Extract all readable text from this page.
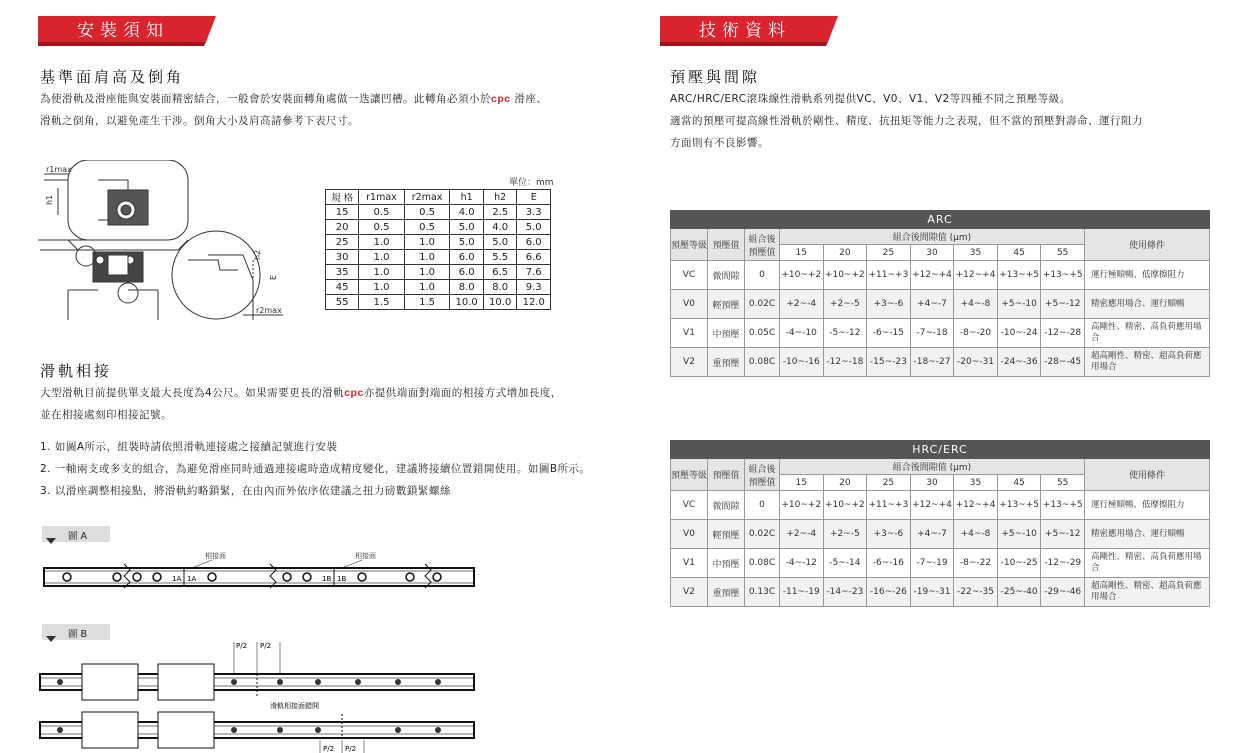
安裝須知
基準面肩高及倒角
為使滑軌及滑座能與安裝面精密結合，一般會於安裝面轉角處做一迭讓凹槽。此轉角必須小於cpc 滑座、
滑軌之倒角，以避免產生干涉。倒角大小及肩高請參考下表尺寸。
r1max
h1
h2
E
r2max
單位：mm
規 格	r1max	r2max	h1	h2	E
15	0.5	0.5	4.0	2.5	3.3
20	0.5	0.5	5.0	4.0	5.0
25	1.0	1.0	5.0	5.0	6.0
30	1.0	1.0	6.0	5.5	6.6
35	1.0	1.0	6.0	6.5	7.6
45	1.0	1.0	8.0	8.0	9.3
55	1.5	1.5	10.0	10.0	12.0
滑軌相接
大型滑軌目前提供單支最大長度為4公尺。如果需要更長的滑軌cpc亦提供端面對端面的相接方式增加長度，
並在相接處刻印相接記號。
1. 如圖A所示，組裝時請依照滑軌連接處之接續記號進行安裝
2. 一軸兩支或多支的組合，為避免滑座同時通過連接處時造成精度變化，建議將接續位置錯開使用。如圖B所示。
3. 以滑座調整相接點，將滑軌約略鎖緊，在由內而外依序依建議之扭力磅數鎖緊螺絲
圖 A
相接面	相接面
1A 1A	1B 1B
圖 B
P/2 P/2
滑軌相接面錯開
P/2 P/2
技術資料
預壓與間隙
ARC/HRC/ERC滾珠線性滑軌系列提供VC、V0、V1、V2等四種不同之預壓等級。
適當的預壓可提高線性滑軌於剛性、精度、抗扭矩等能力之表現，但不當的預壓對壽命、運行阻力
方面則有不良影響。
ARC										
預壓等級	預壓值	組合後預壓值	組合後間隙值 (μm)							使用條件
			15	20	25	30	35	45	55	
VC	微間隙	0	+10~+2	+10~+2	+11~+3	+12~+4	+12~+4	+13~+5	+13~+5	運行極順暢、低摩擦阻力
V0	輕預壓	0.02C	+2~-4	+2~-5	+3~-6	+4~-7	+4~-8	+5~-10	+5~-12	精密應用場合、運行順暢
V1	中預壓	0.05C	-4~-10	-5~-12	-6~-15	-7~-18	-8~-20	-10~-24	-12~-28	高剛性、精密、高負荷應用場合
V2	重預壓	0.08C	-10~-16	-12~-18	-15~-23	-18~-27	-20~-31	-24~-36	-28~-45	超高剛性、精密、超高負荷應用場合
HRC/ERC										
預壓等級	預壓值	組合後預壓值	組合後間隙值 (μm)							使用條件
			15	20	25	30	35	45	55	
VC	微間隙	0	+10~+2	+10~+2	+11~+3	+12~+4	+12~+4	+13~+5	+13~+5	運行極順暢、低摩擦阻力
V0	輕預壓	0.02C	+2~-4	+2~-5	+3~-6	+4~-7	+4~-8	+5~-10	+5~-12	精密應用場合、運行順暢
V1	中預壓	0.08C	-4~-12	-5~-14	-6~-16	-7~-19	-8~-22	-10~-25	-12~-29	高剛性、精密、高負荷應用場合
V2	重預壓	0.13C	-11~-19	-14~-23	-16~-26	-19~-31	-22~-35	-25~-40	-29~-46	超高剛性、精密、超高負荷應用場合
